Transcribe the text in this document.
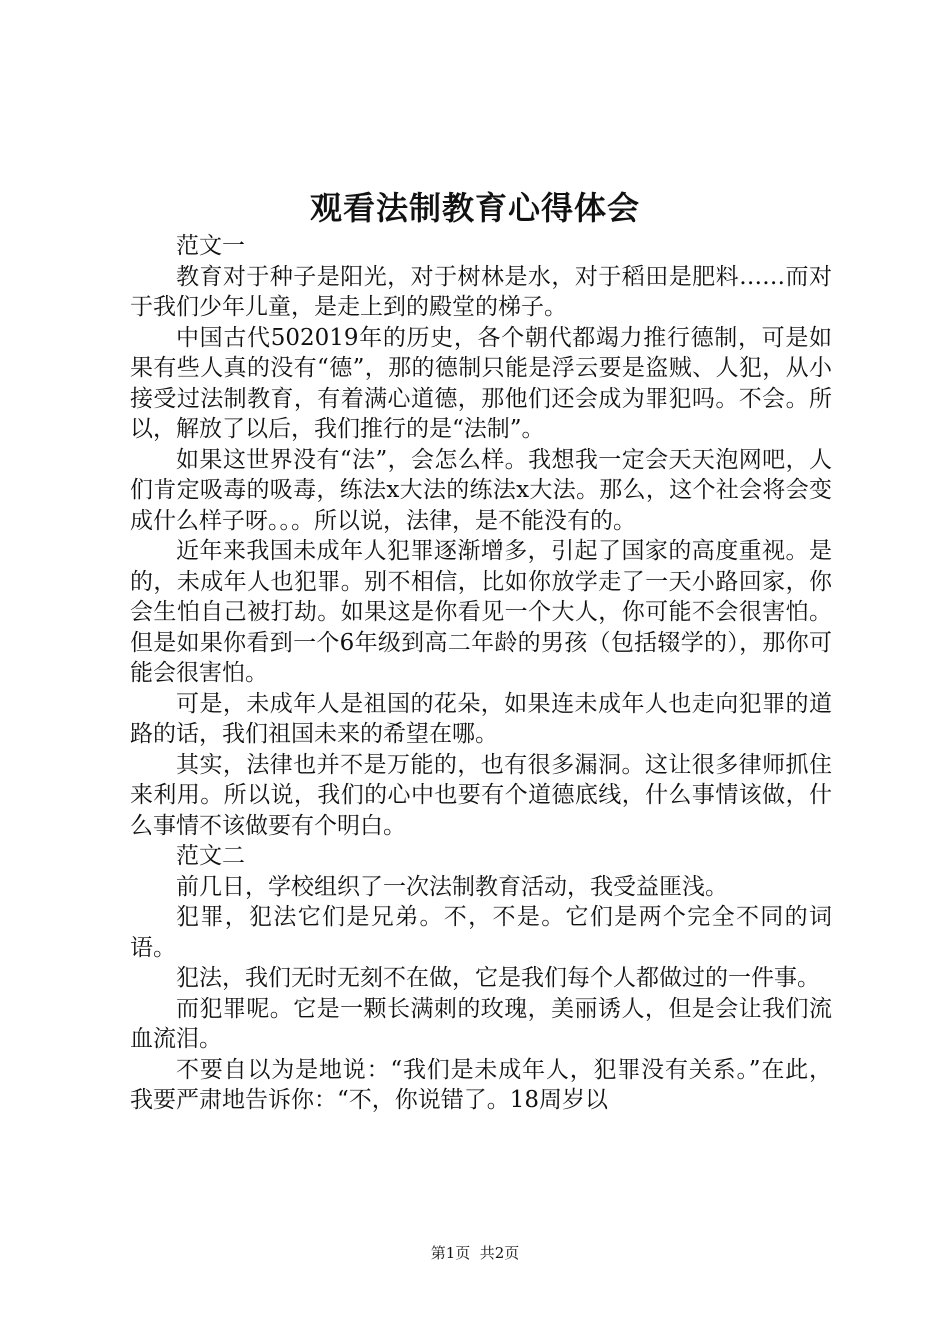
观看法制教育心得体会

范文一

教育对于种子是阳光，对于树林是水，对于稻田是肥料……而对于我们少年儿童，是走上到的殿堂的梯子。

中国古代502019年的历史，各个朝代都竭力推行德制，可是如果有些人真的没有“德”，那的德制只能是浮云要是盗贼、人犯，从小接受过法制教育，有着满心道德，那他们还会成为罪犯吗。不会。所以，解放了以后，我们推行的是“法制”。

如果这世界没有“法”，会怎么样。我想我一定会天天泡网吧，人们肯定吸毒的吸毒，练法x大法的练法x大法。那么，这个社会将会变成什么样子呀。。。所以说，法律，是不能没有的。

近年来我国未成年人犯罪逐渐增多，引起了国家的高度重视。是的，未成年人也犯罪。别不相信，比如你放学走了一天小路回家，你会生怕自己被打劫。如果这是你看见一个大人，你可能不会很害怕。但是如果你看到一个6年级到高二年龄的男孩（包括辍学的），那你可能会很害怕。

可是，未成年人是祖国的花朵，如果连未成年人也走向犯罪的道路的话，我们祖国未来的希望在哪。

其实，法律也并不是万能的，也有很多漏洞。这让很多律师抓住来利用。所以说，我们的心中也要有个道德底线，什么事情该做，什么事情不该做要有个明白。

范文二

前几日，学校组织了一次法制教育活动，我受益匪浅。

犯罪，犯法它们是兄弟。不，不是。它们是两个完全不同的词语。

犯法，我们无时无刻不在做，它是我们每个人都做过的一件事。

而犯罪呢。它是一颗长满刺的玫瑰，美丽诱人，但是会让我们流血流泪。

不要自以为是地说：“我们是未成年人，犯罪没有关系。”在此，我要严肃地告诉你：“不，你说错了。18周岁以

第1页  共2页
